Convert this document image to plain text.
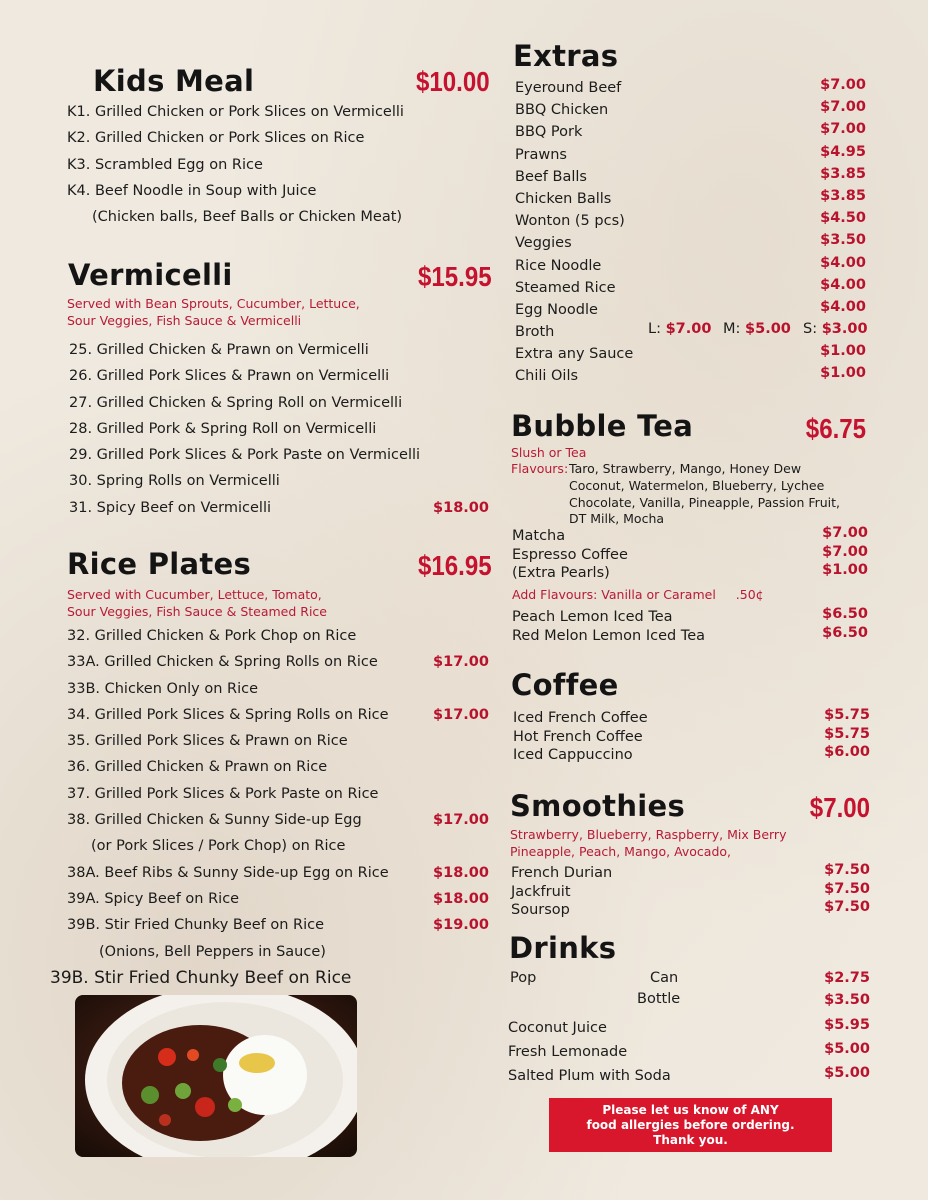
Kids Meal	$10.00
K1. Grilled Chicken or Pork Slices on Vermicelli
K2. Grilled Chicken or Pork Slices on Rice
K3. Scrambled Egg on Rice
K4. Beef Noodle in Soup with Juice
(Chicken balls, Beef Balls or Chicken Meat)
Vermicelli	$15.95
Served with Bean Sprouts, Cucumber, Lettuce,
Sour Veggies, Fish Sauce & Vermicelli
25. Grilled Chicken & Prawn on Vermicelli
26. Grilled Pork Slices & Prawn on Vermicelli
27. Grilled Chicken & Spring Roll on Vermicelli
28. Grilled Pork & Spring Roll on Vermicelli
29. Grilled Pork Slices & Pork Paste on Vermicelli
30. Spring Rolls on Vermicelli
31. Spicy Beef on Vermicelli	$18.00
Rice Plates	$16.95
Served with Cucumber, Lettuce, Tomato,
Sour Veggies, Fish Sauce & Steamed Rice
32. Grilled Chicken & Pork Chop on Rice
33A. Grilled Chicken & Spring Rolls on Rice	$17.00
33B. Chicken Only on Rice
34. Grilled Pork Slices & Spring Rolls on Rice	$17.00
35. Grilled Pork Slices & Prawn on Rice
36. Grilled Chicken & Prawn on Rice
37. Grilled Pork Slices & Pork Paste on Rice
38. Grilled Chicken & Sunny Side-up Egg	$17.00
(or Pork Slices / Pork Chop) on Rice
38A. Beef Ribs & Sunny Side-up Egg on Rice	$18.00
39A. Spicy Beef on Rice	$18.00
39B. Stir Fried Chunky Beef on Rice	$19.00
(Onions, Bell Peppers in Sauce)
39B. Stir Fried Chunky Beef on Rice
Extras
Eyeround Beef	$7.00
BBQ Chicken	$7.00
BBQ Pork	$7.00
Prawns	$4.95
Beef Balls	$3.85
Chicken Balls	$3.85
Wonton (5 pcs)	$4.50
Veggies	$3.50
Rice Noodle	$4.00
Steamed Rice	$4.00
Egg Noodle	$4.00
Broth	L: $7.00 M: $5.00 S: $3.00
Extra any Sauce	$1.00
Chili Oils	$1.00
Bubble Tea	$6.75
Slush or Tea
Flavours: Taro, Strawberry, Mango, Honey Dew
Coconut, Watermelon, Blueberry, Lychee
Chocolate, Vanilla, Pineapple, Passion Fruit,
DT Milk, Mocha
Matcha	$7.00
Espresso Coffee	$7.00
(Extra Pearls)	$1.00
Add Flavours: Vanilla or Caramel .50¢
Peach Lemon Iced Tea	$6.50
Red Melon Lemon Iced Tea	$6.50
Coffee
Iced French Coffee	$5.75
Hot French Coffee	$5.75
Iced Cappuccino	$6.00
Smoothies	$7.00
Strawberry, Blueberry, Raspberry, Mix Berry
Pineapple, Peach, Mango, Avocado,
French Durian	$7.50
Jackfruit	$7.50
Soursop	$7.50
Drinks
Pop	Can	$2.75
Bottle	$3.50
Coconut Juice	$5.95
Fresh Lemonade	$5.00
Salted Plum with Soda	$5.00
Please let us know of ANY
food allergies before ordering.
Thank you.
